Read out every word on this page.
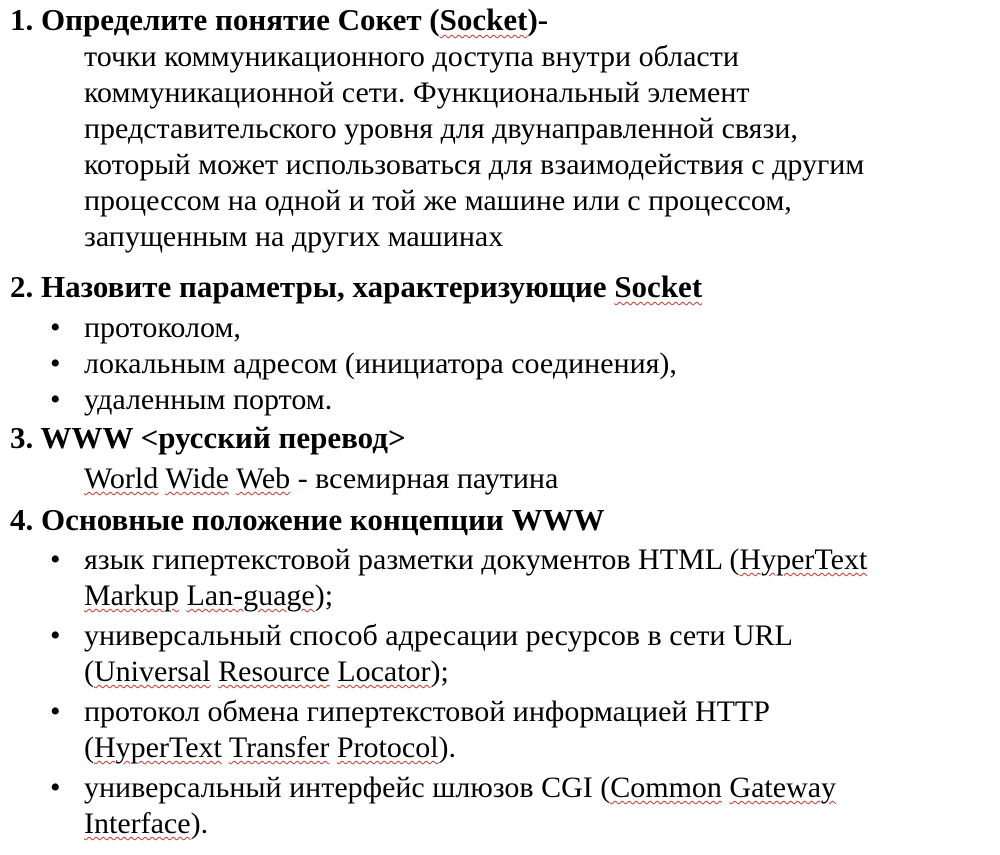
1. Определите понятие Сокет (Socket)-
точки коммуникационного доступа внутри области
коммуникационной сети. Функциональный элемент
представительского уровня для двунаправленной связи,
который может использоваться для взаимодействия с другим
процессом на одной и той же машине или с процессом,
запущенным на других машинах
2. Назовите параметры, характеризующие Socket
• протоколом,
• локальным адресом (инициатора соединения),
• удаленным портом.
3. WWW <русский перевод>
World Wide Web - всемирная паутина
4. Основные положение концепции WWW
• язык гипертекстовой разметки документов HTML (HyperText
Markup Lan-guage);
• универсальный способ адресации ресурсов в сети URL
(Universal Resource Locator);
• протокол обмена гипертекстовой информацией HTTP
(HyperText Transfer Protocol).
• универсальный интерфейс шлюзов CGI (Common Gateway
Interface).
